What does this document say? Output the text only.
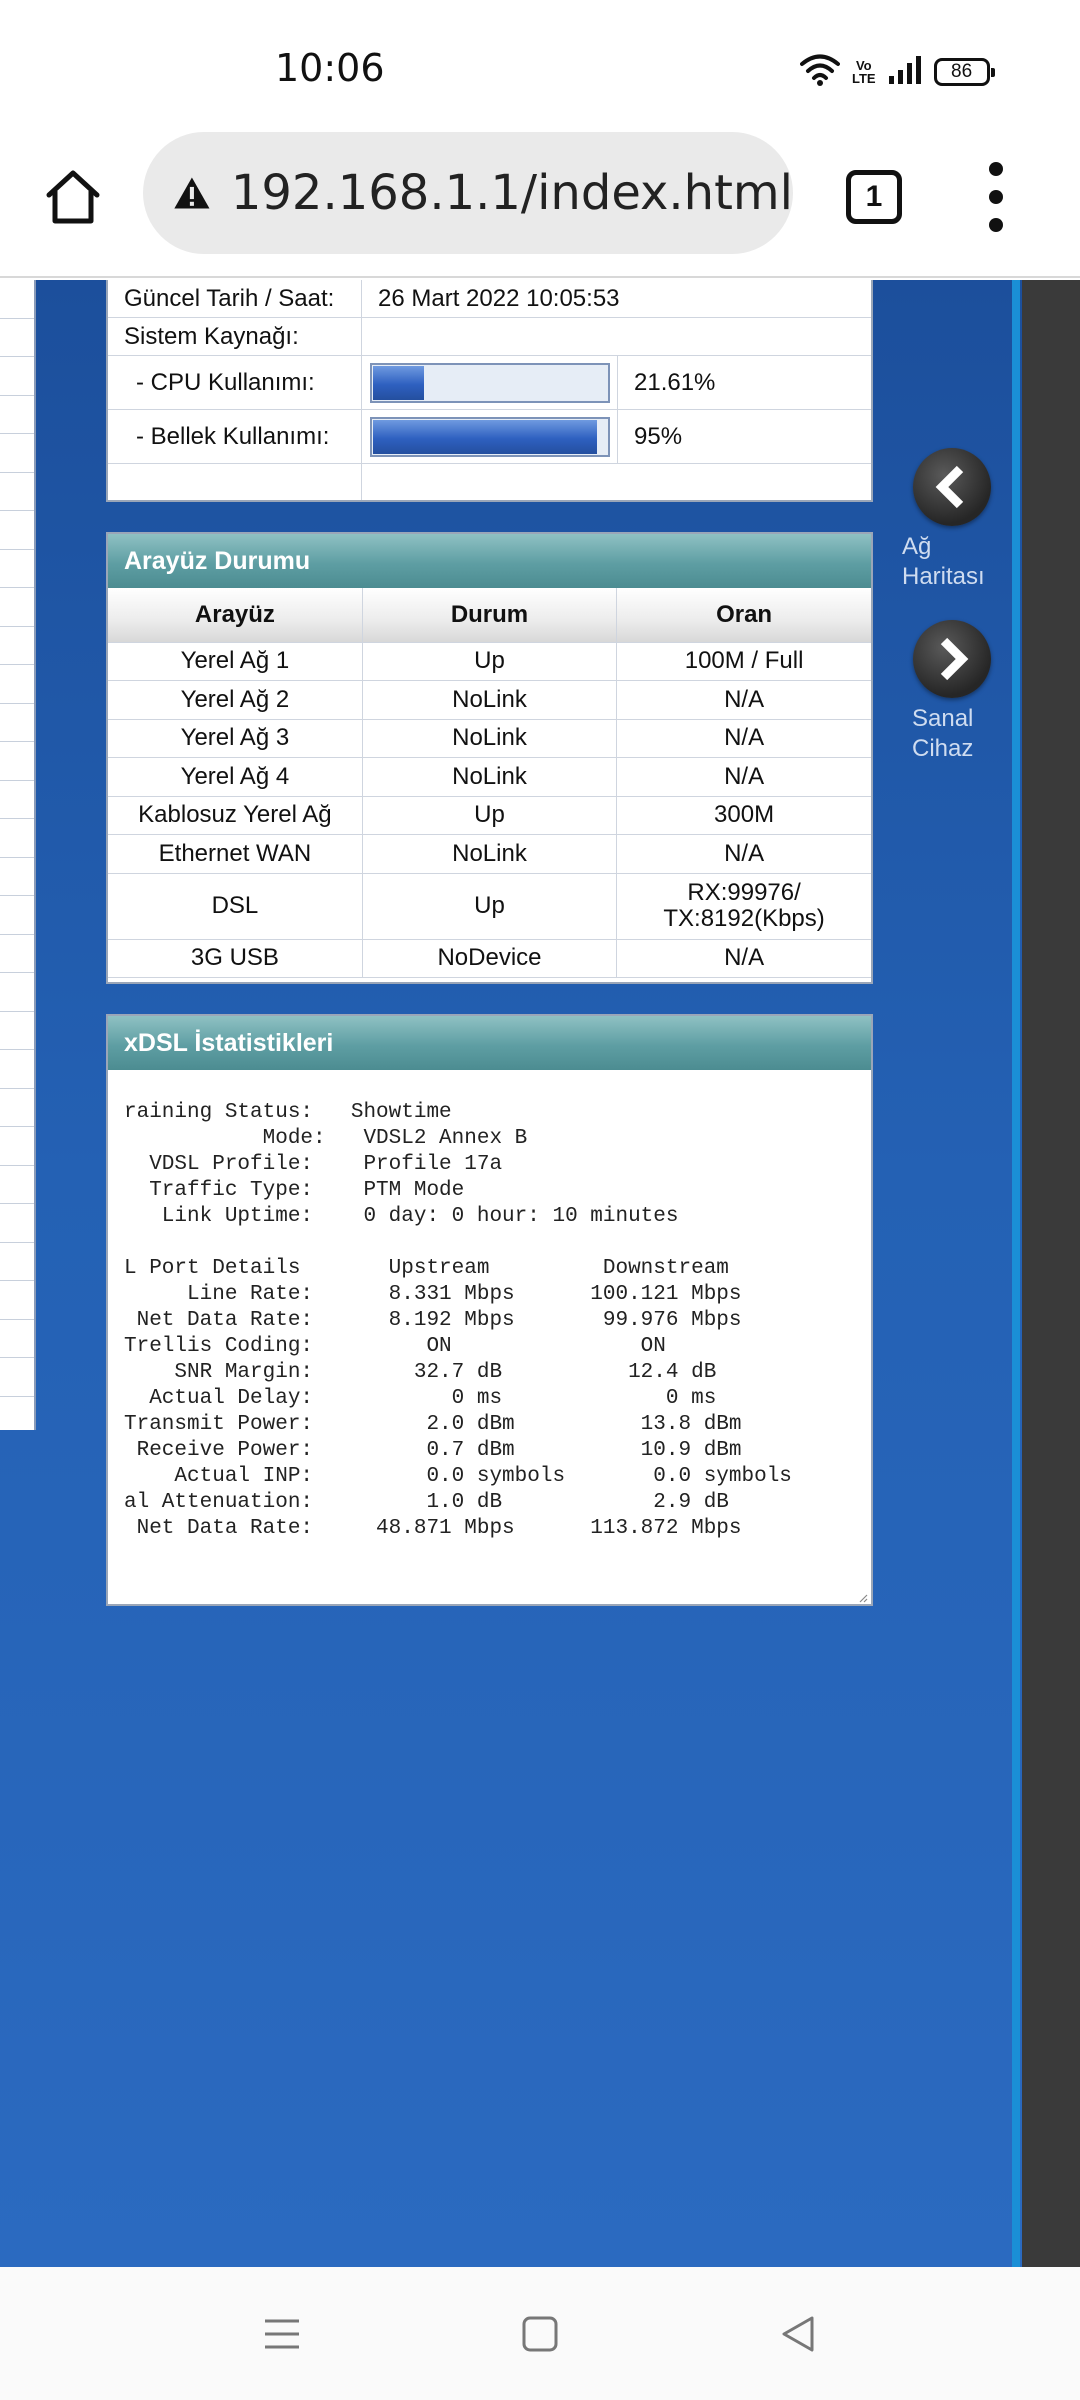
10:06	Vo
LTE	86
192.168.1.1/index.html 1
Güncel Tarih / Saat:	26 Mart 2022 10:05:53
Sistem Kaynağı:
- CPU Kullanımı:	21.61%
- Bellek Kullanımı:	95%
Arayüz Durumu
Arayüz	Durum	Oran
Yerel Ağ 1	Up	100M / Full
Yerel Ağ 2	NoLink	N/A
Yerel Ağ 3	NoLink	N/A
Yerel Ağ 4	NoLink	N/A
Kablosuz Yerel Ağ	Up	300M
Ethernet WAN	NoLink	N/A
DSL	Up	RX:99976/
TX:8192(Kbps)
3G USB	NoDevice	N/A
xDSL İstatistikleri
raining Status:   Showtime
Mode:   VDSL2 Annex B
VDSL Profile:    Profile 17a
Traffic Type:    PTM Mode
Link Uptime:    0 day: 0 hour: 10 minutes

L Port Details       Upstream         Downstream
Line Rate:      8.331 Mbps      100.121 Mbps
Net Data Rate:      8.192 Mbps       99.976 Mbps
Trellis Coding:         ON               ON
SNR Margin:        32.7 dB          12.4 dB
Actual Delay:           0 ms             0 ms
Transmit Power:         2.0 dBm          13.8 dBm
Receive Power:         0.7 dBm          10.9 dBm
Actual INP:         0.0 symbols       0.0 symbols
al Attenuation:         1.0 dB            2.9 dB
Net Data Rate:     48.871 Mbps      113.872 Mbps
Ağ
Haritası
Sanal
Cihaz
